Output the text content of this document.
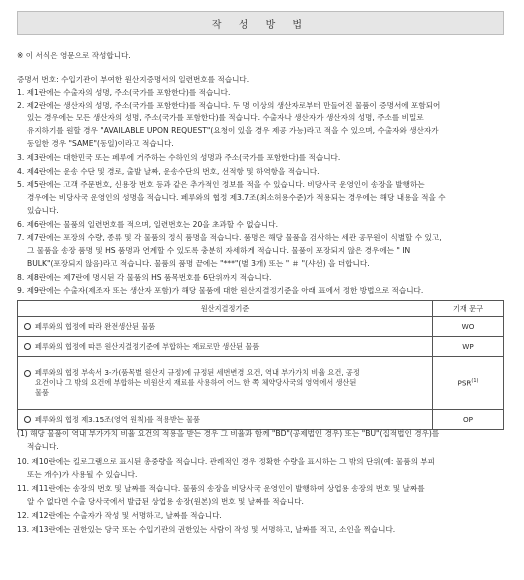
작 성 방 법
※ 이 서식은 영문으로 작성합니다.
증명서 번호: 수입기관이 부여한 원산지증명서의 일련번호를 적습니다.
1. 제1란에는 수출자의 성명, 주소(국가를 포함한다)를 적습니다.
2. 제2란에는 생산자의 성명, 주소(국가를 포함한다)를 적습니다. 두 명 이상의 생산자로부터 만들어진 물품이 증명서에 포함되어
있는 경우에는 모든 생산자의 성명, 주소(국가를 포함한다)를 적습니다. 수출자나 생산자가 생산자의 성명, 주소를 비밀로
유지하기를 원할 경우 "AVAILABLE UPON REQUEST"(요청이 있을 경우 제공 가능)라고 적을 수 있으며, 수출자와 생산자가
동일한 경우 "SAME"(동일)이라고 적습니다.
3. 제3란에는 대한민국 또는 페루에 거주하는 수하인의 성명과 주소(국가를 포함한다)를 적습니다.
4. 제4란에는 운송 수단 및 경로, 출발 날짜, 운송수단의 번호, 선적항 및 하역항을 적습니다.
5. 제5란에는 고객 주문번호, 신용장 번호 등과 같은 추가적인 정보를 적을 수 있습니다. 비당사국 운영인이 송장을 발행하는
경우에는 비당사국 운영인의 성명을 적습니다. 페루와의 협정 제3.7조(최소허용수준)가 적용되는 경우에는 해당 내용을 적을 수
있습니다.
6. 제6란에는 물품의 일련번호를 적으며, 일련번호는 20을 초과할 수 없습니다.
7. 제7란에는 포장의 수량, 종류 및 각 물품의 정식 품명을 적습니다. 품명은 해당 물품을 검사하는 세관 공무원이 식별할 수 있고,
그 물품을 송장 품명 및 HS 품명과 연계할 수 있도록 충분히 자세하게 적습니다. 물품이 포장되지 않은 경우에는 " IN
BULK"(포장되지 않음)라고 적습니다. 물품의 품명 끝에는 "***"(별 3개) 또는 " ＃ "(샤선) 을 더합니다.
8. 제8란에는 제7란에 명시된 각 물품의 HS 품목번호를 6단위까지 적습니다.
9. 제9란에는 수출자(제조자 또는 생산자 포함)가 해당 물품에 대한 원산지결정기준을 아래 표에서 정한 방법으로 적습니다.
원산지결정기준	기재 문구
페루와의 협정에 따라 완전생산된 물품	WO
페루와의 협정에 따른 원산지결정기준에 부합하는 재료로만 생산된 물품	WP

페루와의 협정 부속서 3-가(품목별 원산지 규정)에 규정된 세번변경 요건, 역내 부가가치 비율 요건, 공정
요건이나 그 밖의 요건에 부합하는 비원산지 재료를 사용하여 어느 한 쪽 체약당사국의 영역에서 생산된
물품	PSR$^{(1)}$
페루와의 협정 제3.15조(영역 원칙)를 적용받는 물품	OP
(1) 해당 물품이 역내 부가가치 비율 요건의 적용을 받는 경우 그 비율과 함께 "BD"(공제법인 경우) 또는 "BU"(집적법인 경우)를
적습니다.
10. 제10란에는 킬로그램으로 표시된 총중량을 적습니다. 관례적인 경우 정확한 수량을 표시하는 그 밖의 단위(예: 물품의 부피
또는 개수)가 사용될 수 있습니다.
11. 제11란에는 송장의 번호 및 날짜를 적습니다. 물품의 송장을 비당사국 운영인이 발행하여 상업용 송장의 번호 및 날짜를
알 수 없다면 수출 당사국에서 발급된 상업용 송장(원본)의 번호 및 날짜를 적습니다.
12. 제12란에는 수출자가 작성 및 서명하고, 날짜를 적습니다.
13. 제13란에는 권한있는 당국 또는 수입기관의 권한있는 사람이 작성 및 서명하고, 날짜를 적고, 소인을 찍습니다.
